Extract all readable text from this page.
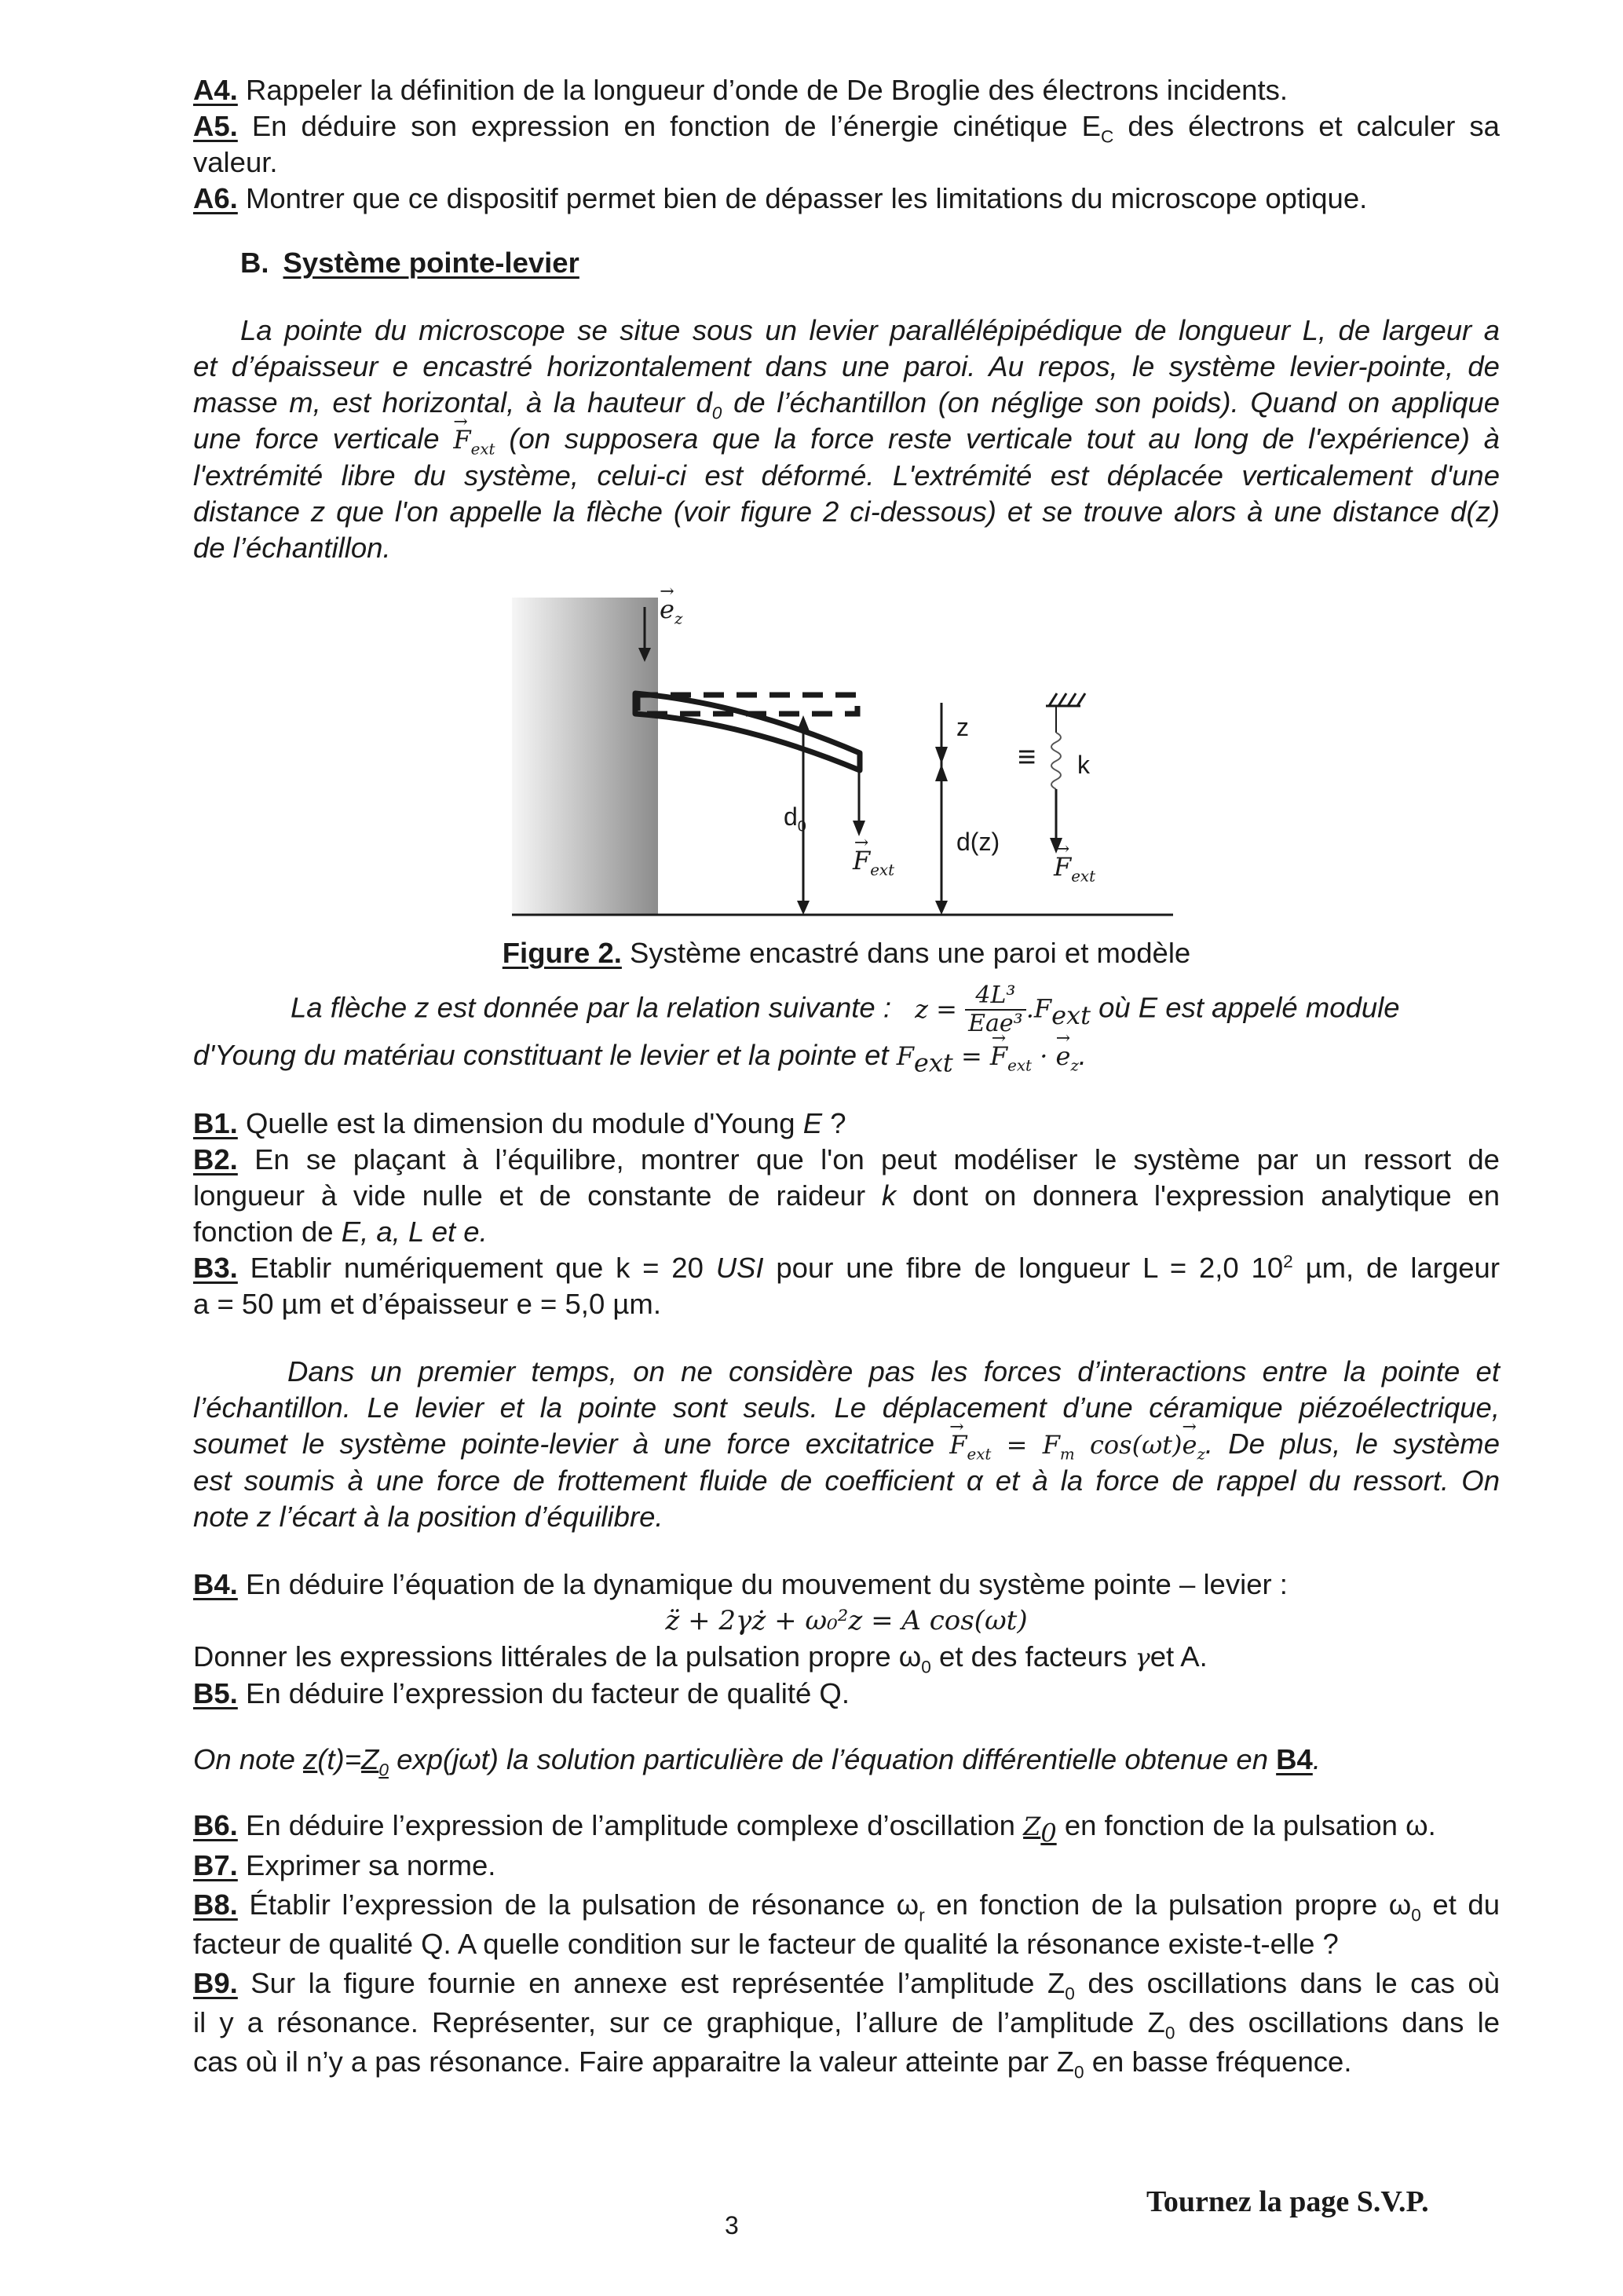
A4. Rappeler la définition de la longueur d’onde de De Broglie des électrons incidents.
A5. En déduire son expression en fonction de l’énergie cinétique $E_C$ des électrons et calculer sa
valeur.
A6. Montrer que ce dispositif permet bien de dépasser les limitations du microscope optique.
B. Système pointe-levier
La pointe du microscope se situe sous un levier parallélépipédique de longueur L, de largeur a
et d’épaisseur e encastré horizontalement dans une paroi. Au repos, le système levier-pointe, de
masse m, est horizontal, à la hauteur $d_0$ de l’échantillon (on néglige son poids). Quand on applique
une force verticale → $F_{ext}$ (on supposera que la force reste verticale tout au long de l'expérience) à
l'extrémité libre du système, celui-ci est déformé. L'extrémité est déplacée verticalement d'une
distance z que l'on appelle la flèche (voir figure 2 ci-dessous) et se trouve alors à une distance d(z)
de l’échantillon.
→ $e_z$
z
$d_0$
→ $F_{ext}$
d(z)
≡ k
→ $F_{ext}$
Figure 2. Système encastré dans une paroi et modèle
La flèche z est donnée par la relation suivante : $z = \frac{\text{4L³}}{\text{Eae³}} .F_{ext}$ où E est appelé module
d'Young du matériau constituant le levier et la pointe et $F_{ext}$ = → $F_{ext}$ · → $e_z$.
B1. Quelle est la dimension du module d'Young E ?
B2. En se plaçant à l’équilibre, montrer que l'on peut modéliser le système par un ressort de
longueur à vide nulle et de constante de raideur k dont on donnera l'expression analytique en
fonction de E, a, L et e.
B3. Etablir numériquement que k = 20 USI pour une fibre de longueur L = 2,0 $10^2$ µm, de largeur
a = 50 µm et d’épaisseur e = 5,0 µm.
Dans un premier temps, on ne considère pas les forces d’interactions entre la pointe et
l’échantillon. Le levier et la pointe sont seuls. Le déplacement d’une céramique piézoélectrique,
soumet le système pointe-levier à une force excitatrice → $F_{ext} = F_m$ $\cos(\omega t)\to e_z$. De plus, le système
est soumis à une force de frottement fluide de coefficient α et à la force de rappel du ressort. On
note z l’écart à la position d’équilibre.
B4. En déduire l’équation de la dynamique du mouvement du système pointe – levier :
z̈ + 2γż + ω₀²z = A cos(ωt)
Donner les expressions littérales de la pulsation propre $\omega_0$ et des facteurs γet A.
B5. En déduire l’expression du facteur de qualité Q.
On note $z(t)=Z_0$ exp(jωt) la solution particulière de l’équation différentielle obtenue en B4.
B6. En déduire l’expression de l’amplitude complexe d’oscillation $Z_0$ en fonction de la pulsation ω.
B7. Exprimer sa norme.
B8. Établir l’expression de la pulsation de résonance $\omega_r$ en fonction de la pulsation propre $\omega_0$ et du
facteur de qualité Q. A quelle condition sur le facteur de qualité la résonance existe-t-elle ?
B9. Sur la figure fournie en annexe est représentée l’amplitude $Z_0$ des oscillations dans le cas où
il y a résonance. Représenter, sur ce graphique, l’allure de l’amplitude $Z_0$ des oscillations dans le
cas où il n’y a pas résonance. Faire apparaitre la valeur atteinte par $Z_0$ en basse fréquence.
3
Tournez la page S.V.P.
